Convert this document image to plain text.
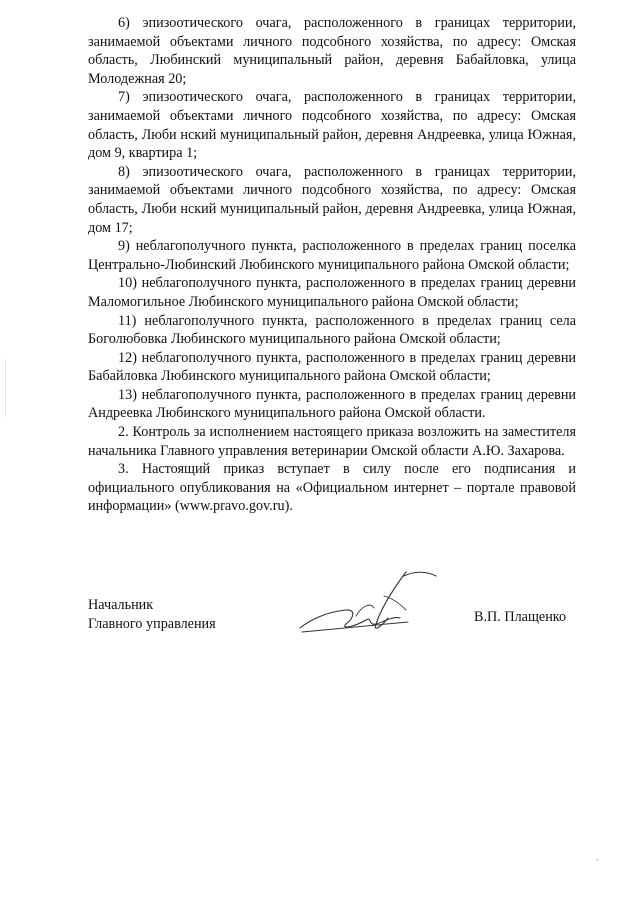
6) эпизоотического очага, расположенного в границах территории, занимаемой объектами личного подсобного хозяйства, по адресу: Омская область, Любинский муниципальный район, деревня Бабайловка, улица Молодежная 20;

7) эпизоотического очага, расположенного в границах территории, занимаемой объектами личного подсобного хозяйства, по адресу: Омская область, Люби нский муниципальный район, деревня Андреевка, улица Южная, дом 9, квартира 1;

8) эпизоотического очага, расположенного в границах территории, занимаемой объектами личного подсобного хозяйства, по адресу: Омская область, Люби нский муниципальный район, деревня Андреевка, улица Южная, дом 17;

9) неблагополучного пункта, расположенного в пределах границ поселка Центрально-Любинский Любинского муниципального района Омской области;

10) неблагополучного пункта, расположенного в пределах границ деревни Маломогильное Любинского муниципального района Омской области;

11) неблагополучного пункта, расположенного в пределах границ села Боголюбовка Любинского муниципального района Омской области;

12) неблагополучного пункта, расположенного в пределах границ деревни Бабайловка Любинского муниципального района Омской области;

13) неблагополучного пункта, расположенного в пределах границ деревни Андреевка Любинского муниципального района Омской области.

2. Контроль за исполнением настоящего приказа возложить на заместителя начальника Главного управления ветеринарии Омской области А.Ю. Захарова.

3. Настоящий приказ вступает в силу после его подписания и официального опубликования на «Официальном интернет – портале правовой информации» (www.pravo.gov.ru).

Начальник
Главного управления	В.П. Плащенко
